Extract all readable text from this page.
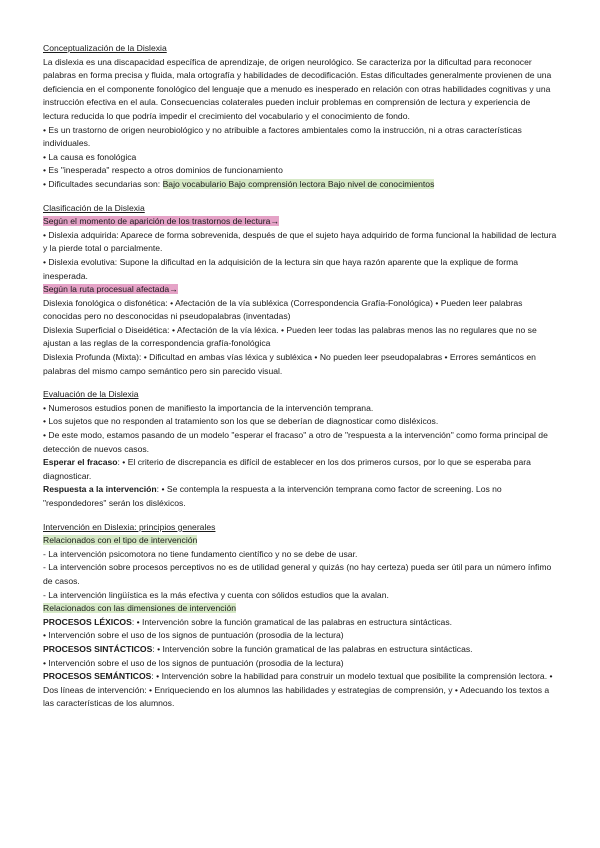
Conceptualización de la Dislexia

La dislexia es una discapacidad específica de aprendizaje, de origen neurológico. Se caracteriza por la dificultad para reconocer palabras en forma precisa y fluida, mala ortografía y habilidades de decodificación. Estas dificultades generalmente provienen de una deficiencia en el componente fonológico del lenguaje que a menudo es inesperado en relación con otras habilidades cognitivas y una instrucción efectiva en el aula. Consecuencias colaterales pueden incluir problemas en comprensión de lectura y experiencia de lectura reducida lo que podría impedir el crecimiento del vocabulario y el conocimiento de fondo.

• Es un trastorno de origen neurobiológico y no atribuible a factores ambientales como la instrucción, ni a otras características individuales.

• La causa es fonológica

• Es "inesperada" respecto a otros dominios de funcionamiento

• Dificultades secundarias son: Bajo vocabulario Bajo comprensión lectora Bajo nivel de conocimientos

Clasificación de la Dislexia

Según el momento de aparición de los trastornos de lectura→

• Dislexia adquirida: Aparece de forma sobrevenida, después de que el sujeto haya adquirido de forma funcional la habilidad de lectura y la pierde total o parcialmente.

• Dislexia evolutiva: Supone la dificultad en la adquisición de la lectura sin que haya razón aparente que la explique de forma inesperada.

Según la ruta procesual afectada→

Dislexia fonológica o disfonética: • Afectación de la vía subléxica (Correspondencia Grafía-Fonológica) • Pueden leer palabras conocidas pero no desconocidas ni pseudopalabras (inventadas)

Dislexia Superficial o Diseidética: • Afectación de la vía léxica. • Pueden leer todas las palabras menos las no regulares que no se ajustan a las reglas de la correspondencia grafía-fonológica

Dislexia Profunda (Mixta): • Dificultad en ambas vías léxica y subléxica • No pueden leer pseudopalabras • Errores semánticos en palabras del mismo campo semántico pero sin parecido visual.

Evaluación de la Dislexia

• Numerosos estudios ponen de manifiesto la importancia de la intervención temprana.

• Los sujetos que no responden al tratamiento son los que se deberían de diagnosticar como disléxicos.

• De este modo, estamos pasando de un modelo "esperar el fracaso" a otro de "respuesta a la intervención" como forma principal de detección de nuevos casos.

Esperar el fracaso: • El criterio de discrepancia es difícil de establecer en los dos primeros cursos, por lo que se esperaba para diagnosticar.

Respuesta a la intervención: • Se contempla la respuesta a la intervención temprana como factor de screening. Los no "respondedores" serán los disléxicos.

Intervención en Dislexia: principios generales

Relacionados con el tipo de intervención

- La intervención psicomotora no tiene fundamento científico y no se debe de usar.

- La intervención sobre procesos perceptivos no es de utilidad general y quizás (no hay certeza) pueda ser útil para un número ínfimo de casos.

- La intervención lingüística es la más efectiva y cuenta con sólidos estudios que la avalan.

Relacionados con las dimensiones de intervención

PROCESOS LÉXICOS: • Intervención sobre la función gramatical de las palabras en estructura sintácticas.

• Intervención sobre el uso de los signos de puntuación (prosodia de la lectura)

PROCESOS SINTÁCTICOS: • Intervención sobre la función gramatical de las palabras en estructura sintácticas.

• Intervención sobre el uso de los signos de puntuación (prosodia de la lectura)

PROCESOS SEMÁNTICOS: • Intervención sobre la habilidad para construir un modelo textual que posibilite la comprensión lectora. • Dos líneas de intervención: • Enriqueciendo en los alumnos las habilidades y estrategias de comprensión, y • Adecuando los textos a las características de los alumnos.
